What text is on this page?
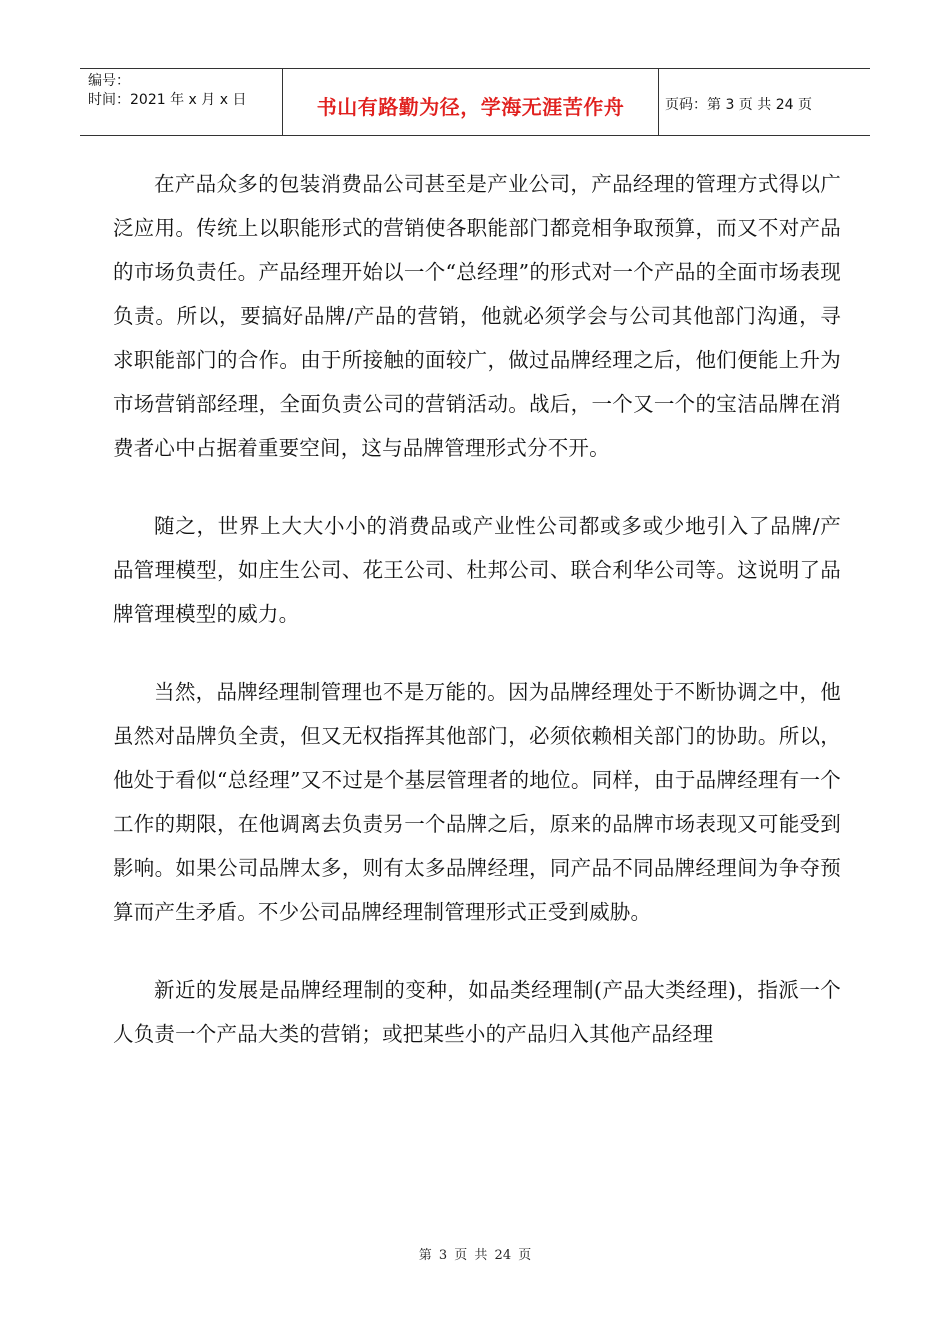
编号：
时间：2021 年 x 月 x 日	书山有路勤为径，学海无涯苦作舟	页码：第 3 页 共 24 页

在产品众多的包装消费品公司甚至是产业公司，产品经理的管理方式得以广泛应用。传统上以职能形式的营销使各职能部门都竞相争取预算，而又不对产品的市场负责任。产品经理开始以一个“总经理”的形式对一个产品的全面市场表现负责。所以，要搞好品牌/产品的营销，他就必须学会与公司其他部门沟通，寻求职能部门的合作。由于所接触的面较广，做过品牌经理之后，他们便能上升为市场营销部经理，全面负责公司的营销活动。战后，一个又一个的宝洁品牌在消费者心中占据着重要空间，这与品牌管理形式分不开。

随之，世界上大大小小的消费品或产业性公司都或多或少地引入了品牌/产品管理模型，如庄生公司、花王公司、杜邦公司、联合利华公司等。这说明了品牌管理模型的威力。

当然，品牌经理制管理也不是万能的。因为品牌经理处于不断协调之中，他虽然对品牌负全责，但又无权指挥其他部门，必须依赖相关部门的协助。所以，他处于看似“总经理”又不过是个基层管理者的地位。同样，由于品牌经理有一个工作的期限，在他调离去负责另一个品牌之后，原来的品牌市场表现又可能受到影响。如果公司品牌太多，则有太多品牌经理，同产品不同品牌经理间为争夺预算而产生矛盾。不少公司品牌经理制管理形式正受到威胁。

新近的发展是品牌经理制的变种，如品类经理制(产品大类经理)，指派一个人负责一个产品大类的营销；或把某些小的产品归入其他产品经理

第 3 页 共 24 页
